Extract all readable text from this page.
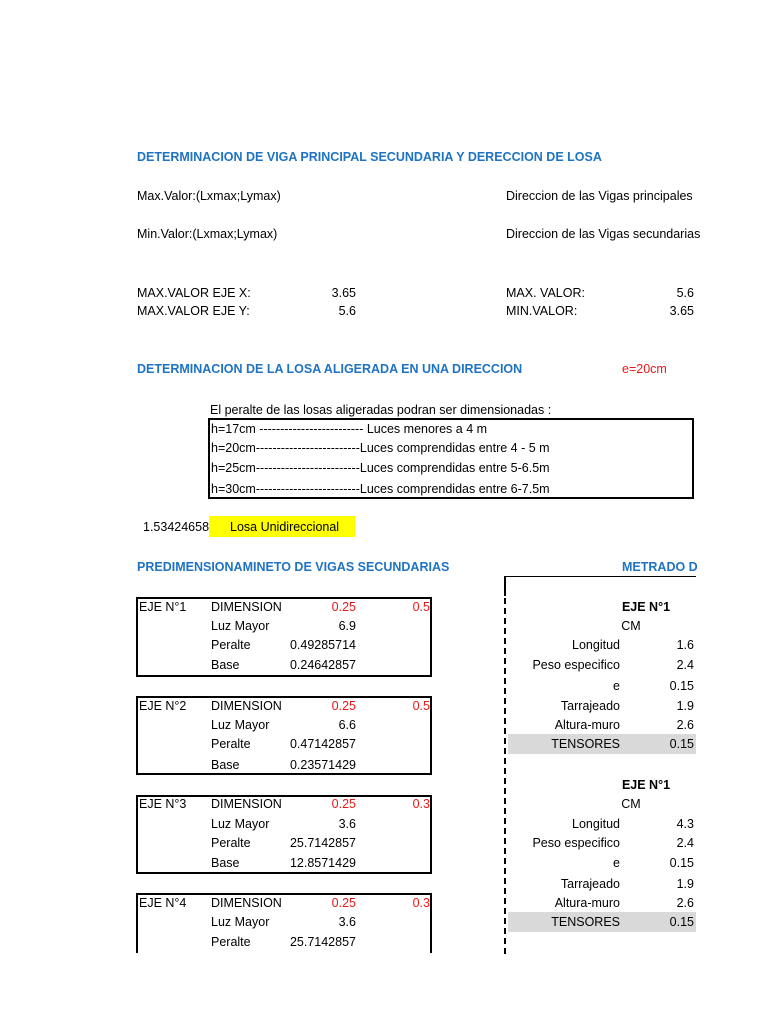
DETERMINACION DE VIGA PRINCIPAL SECUNDARIA Y DERECCION DE LOSA
Max.Valor:(Lxmax;Lymax)
Min.Valor:(Lxmax;Lymax)
Direccion de las Vigas principales
Direccion de las Vigas secundarias
MAX.VALOR EJE X:	3.65
MAX.VALOR EJE Y:	5.6
MAX. VALOR:	5.6
MIN.VALOR:	3.65
DETERMINACION DE LA LOSA ALIGERADA EN UNA DIRECCION	e=20cm
El peralte de las losas aligeradas podran ser dimensionadas :
h=17cm ------------------------- Luces menores a 4 m
h=20cm-------------------------Luces comprendidas entre 4 - 5 m
h=25cm-------------------------Luces comprendidas entre 5-6.5m
h=30cm-------------------------Luces comprendidas entre 6-7.5m
1.53424658 Losa Unidireccional
PREDIMENSIONAMINETO DE VIGAS SECUNDARIAS	METRADO D
EJE N°1 DIMENSION	0.25	0.5
Luz Mayor	6.9
Peralte	0.49285714
Base	0.24642857
EJE N°2 DIMENSION	0.25	0.5
Luz Mayor	6.6
Peralte	0.47142857
Base	0.23571429
EJE N°3 DIMENSION	0.25	0.3
Luz Mayor	3.6
Peralte	25.7142857
Base	12.8571429
EJE N°4 DIMENSION	0.25	0.3
Luz Mayor	3.6
Peralte	25.7142857
EJE N°1
CM
Longitud	1.6
Peso especifico	2.4
e	0.15
Tarrajeado	1.9
Altura-muro	2.6
TENSORES	0.15
EJE N°1
CM
Longitud	4.3
Peso especifico	2.4
e	0.15
Tarrajeado	1.9
Altura-muro	2.6
TENSORES	0.15
